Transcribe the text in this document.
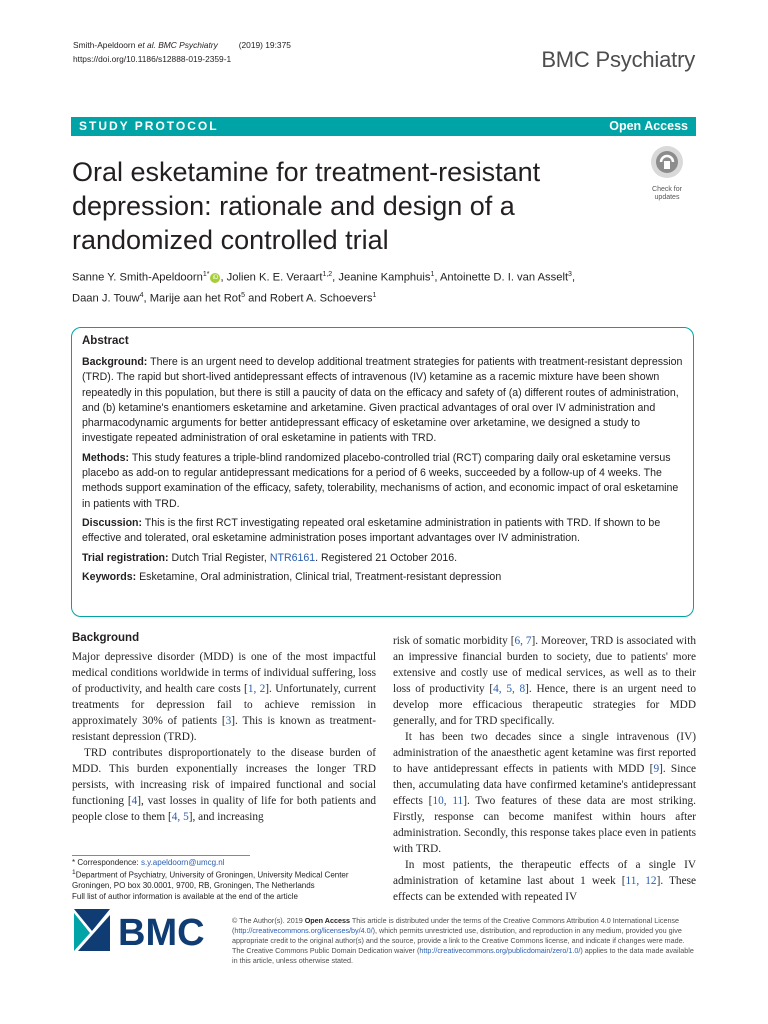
Smith-Apeldoorn et al. BMC Psychiatry (2019) 19:375
https://doi.org/10.1186/s12888-019-2359-1	BMC Psychiatry
STUDY PROTOCOL	Open Access
Oral esketamine for treatment-resistant depression: rationale and design of a randomized controlled trial
Check for
updates
Sanne Y. Smith-Apeldoorn$^{1*}$ iD , Jolien K. E. Veraart$^{1,2}$, Jeanine Kamphuis$^1$, Antoinette D. I. van Asselt$^3$,
Daan J. Touw$^4$, Marije aan het Rot$^5$ and Robert A. Schoevers$^1$
Abstract

Background: There is an urgent need to develop additional treatment strategies for patients with treatment-resistant depression (TRD). The rapid but short-lived antidepressant effects of intravenous (IV) ketamine as a racemic mixture have been shown repeatedly in this population, but there is still a paucity of data on the efficacy and safety of (a) different routes of administration, and (b) ketamine's enantiomers esketamine and arketamine. Given practical advantages of oral over IV administration and pharmacodynamic arguments for better antidepressant efficacy of esketamine over arketamine, we designed a study to investigate repeated administration of oral esketamine in patients with TRD.

Methods: This study features a triple-blind randomized placebo-controlled trial (RCT) comparing daily oral esketamine versus placebo as add-on to regular antidepressant medications for a period of 6 weeks, succeeded by a follow-up of 4 weeks. The methods support examination of the efficacy, safety, tolerability, mechanisms of action, and economic impact of oral esketamine in patients with TRD.

Discussion: This is the first RCT investigating repeated oral esketamine administration in patients with TRD. If shown to be effective and tolerated, oral esketamine administration poses important advantages over IV administration.

Trial registration: Dutch Trial Register, NTR6161. Registered 21 October 2016.

Keywords: Esketamine, Oral administration, Clinical trial, Treatment-resistant depression

Background

Major depressive disorder (MDD) is one of the most impactful medical conditions worldwide in terms of individual suffering, loss of productivity, and health care costs [1, 2]. Unfortunately, current treatments for depression fail to achieve remission in approximately 30% of patients [3]. This is known as treatment-resistant depression (TRD).

TRD contributes disproportionately to the disease burden of MDD. This burden exponentially increases the longer TRD persists, with increasing risk of impaired functional and social functioning [4], vast losses in quality of life for both patients and people close to them [4, 5], and increasing

risk of somatic morbidity [6, 7]. Moreover, TRD is associated with an impressive financial burden to society, due to patients' more extensive and costly use of medical services, as well as to their loss of productivity [4, 5, 8]. Hence, there is an urgent need to develop more efficacious therapeutic strategies for MDD generally, and for TRD specifically.

It has been two decades since a single intravenous (IV) administration of the anaesthetic agent ketamine was first reported to have antidepressant effects in patients with MDD [9]. Since then, accumulating data have confirmed ketamine's antidepressant effects [10, 11]. Two features of these data are most striking. Firstly, response can become manifest within hours after administration. Secondly, this response takes place even in patients with TRD.

In most patients, the therapeutic effects of a single IV administration of ketamine last about 1 week [11, 12]. These effects can be extended with repeated IV

* Correspondence: s.y.apeldoorn@umcg.nl
$^1$Department of Psychiatry, University of Groningen, University Medical Center Groningen, PO box 30.0001, 9700, RB, Groningen, The Netherlands
Full list of author information is available at the end of the article
BMC	© The Author(s). 2019 Open Access This article is distributed under the terms of the Creative Commons Attribution 4.0 International License (http://creativecommons.org/licenses/by/4.0/), which permits unrestricted use, distribution, and reproduction in any medium, provided you give appropriate credit to the original author(s) and the source, provide a link to the Creative Commons license, and indicate if changes were made. The Creative Commons Public Domain Dedication waiver (http://creativecommons.org/publicdomain/zero/1.0/) applies to the data made available in this article, unless otherwise stated.
